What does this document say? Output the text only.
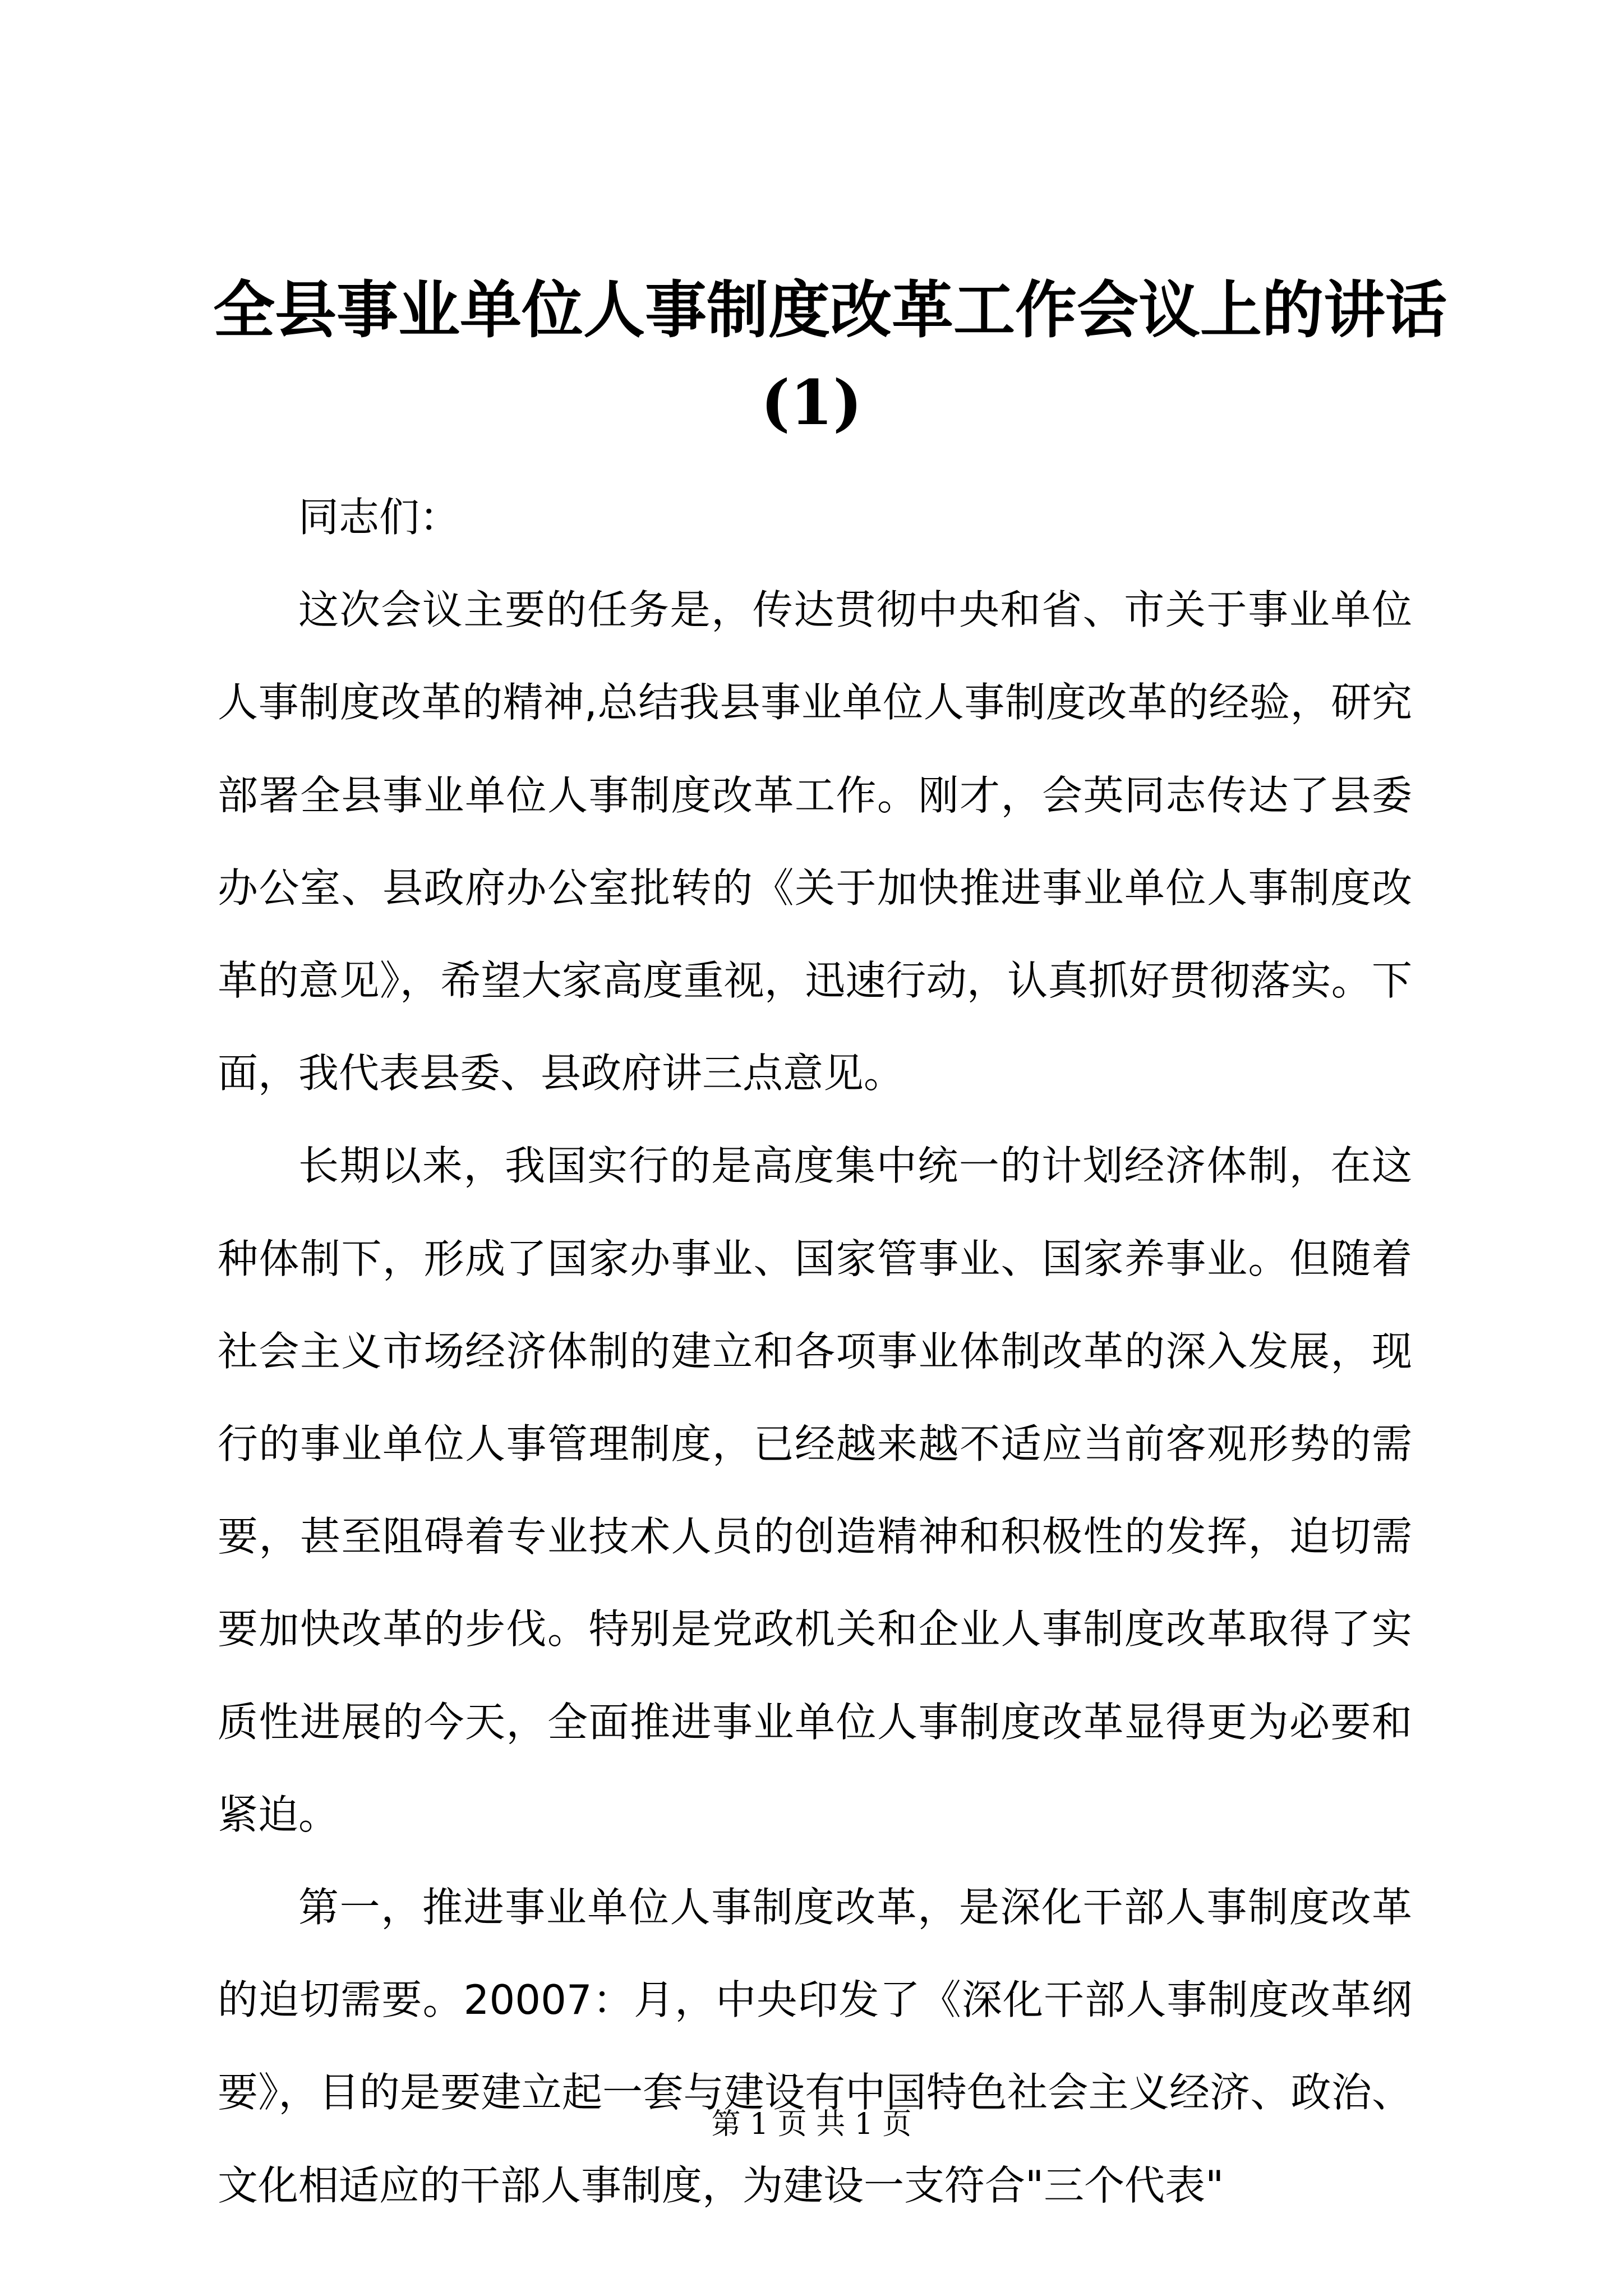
全县事业单位人事制度改革工作会议上的讲话
(1)

同志们：

这次会议主要的任务是，传达贯彻中央和省、市关于事业单位人事制度改革的精神,总结我县事业单位人事制度改革的经验，研究部署全县事业单位人事制度改革工作。刚才，会英同志传达了县委办公室、县政府办公室批转的《关于加快推进事业单位人事制度改革的意见》，希望大家高度重视，迅速行动，认真抓好贯彻落实。下面，我代表县委、县政府讲三点意见。

长期以来，我国实行的是高度集中统一的计划经济体制，在这种体制下，形成了国家办事业、国家管事业、国家养事业。但随着社会主义市场经济体制的建立和各项事业体制改革的深入发展，现行的事业单位人事管理制度，已经越来越不适应当前客观形势的需要，甚至阻碍着专业技术人员的创造精神和积极性的发挥，迫切需要加快改革的步伐。特别是党政机关和企业人事制度改革取得了实质性进展的今天，全面推进事业单位人事制度改革显得更为必要和紧迫。

第一，推进事业单位人事制度改革，是深化干部人事制度改革的迫切需要。20007：月，中央印发了《深化干部人事制度改革纲要》，目的是要建立起一套与建设有中国特色社会主义经济、政治、文化相适应的干部人事制度，为建设一支符合"三个代表"

第 1 页 共 1 页
